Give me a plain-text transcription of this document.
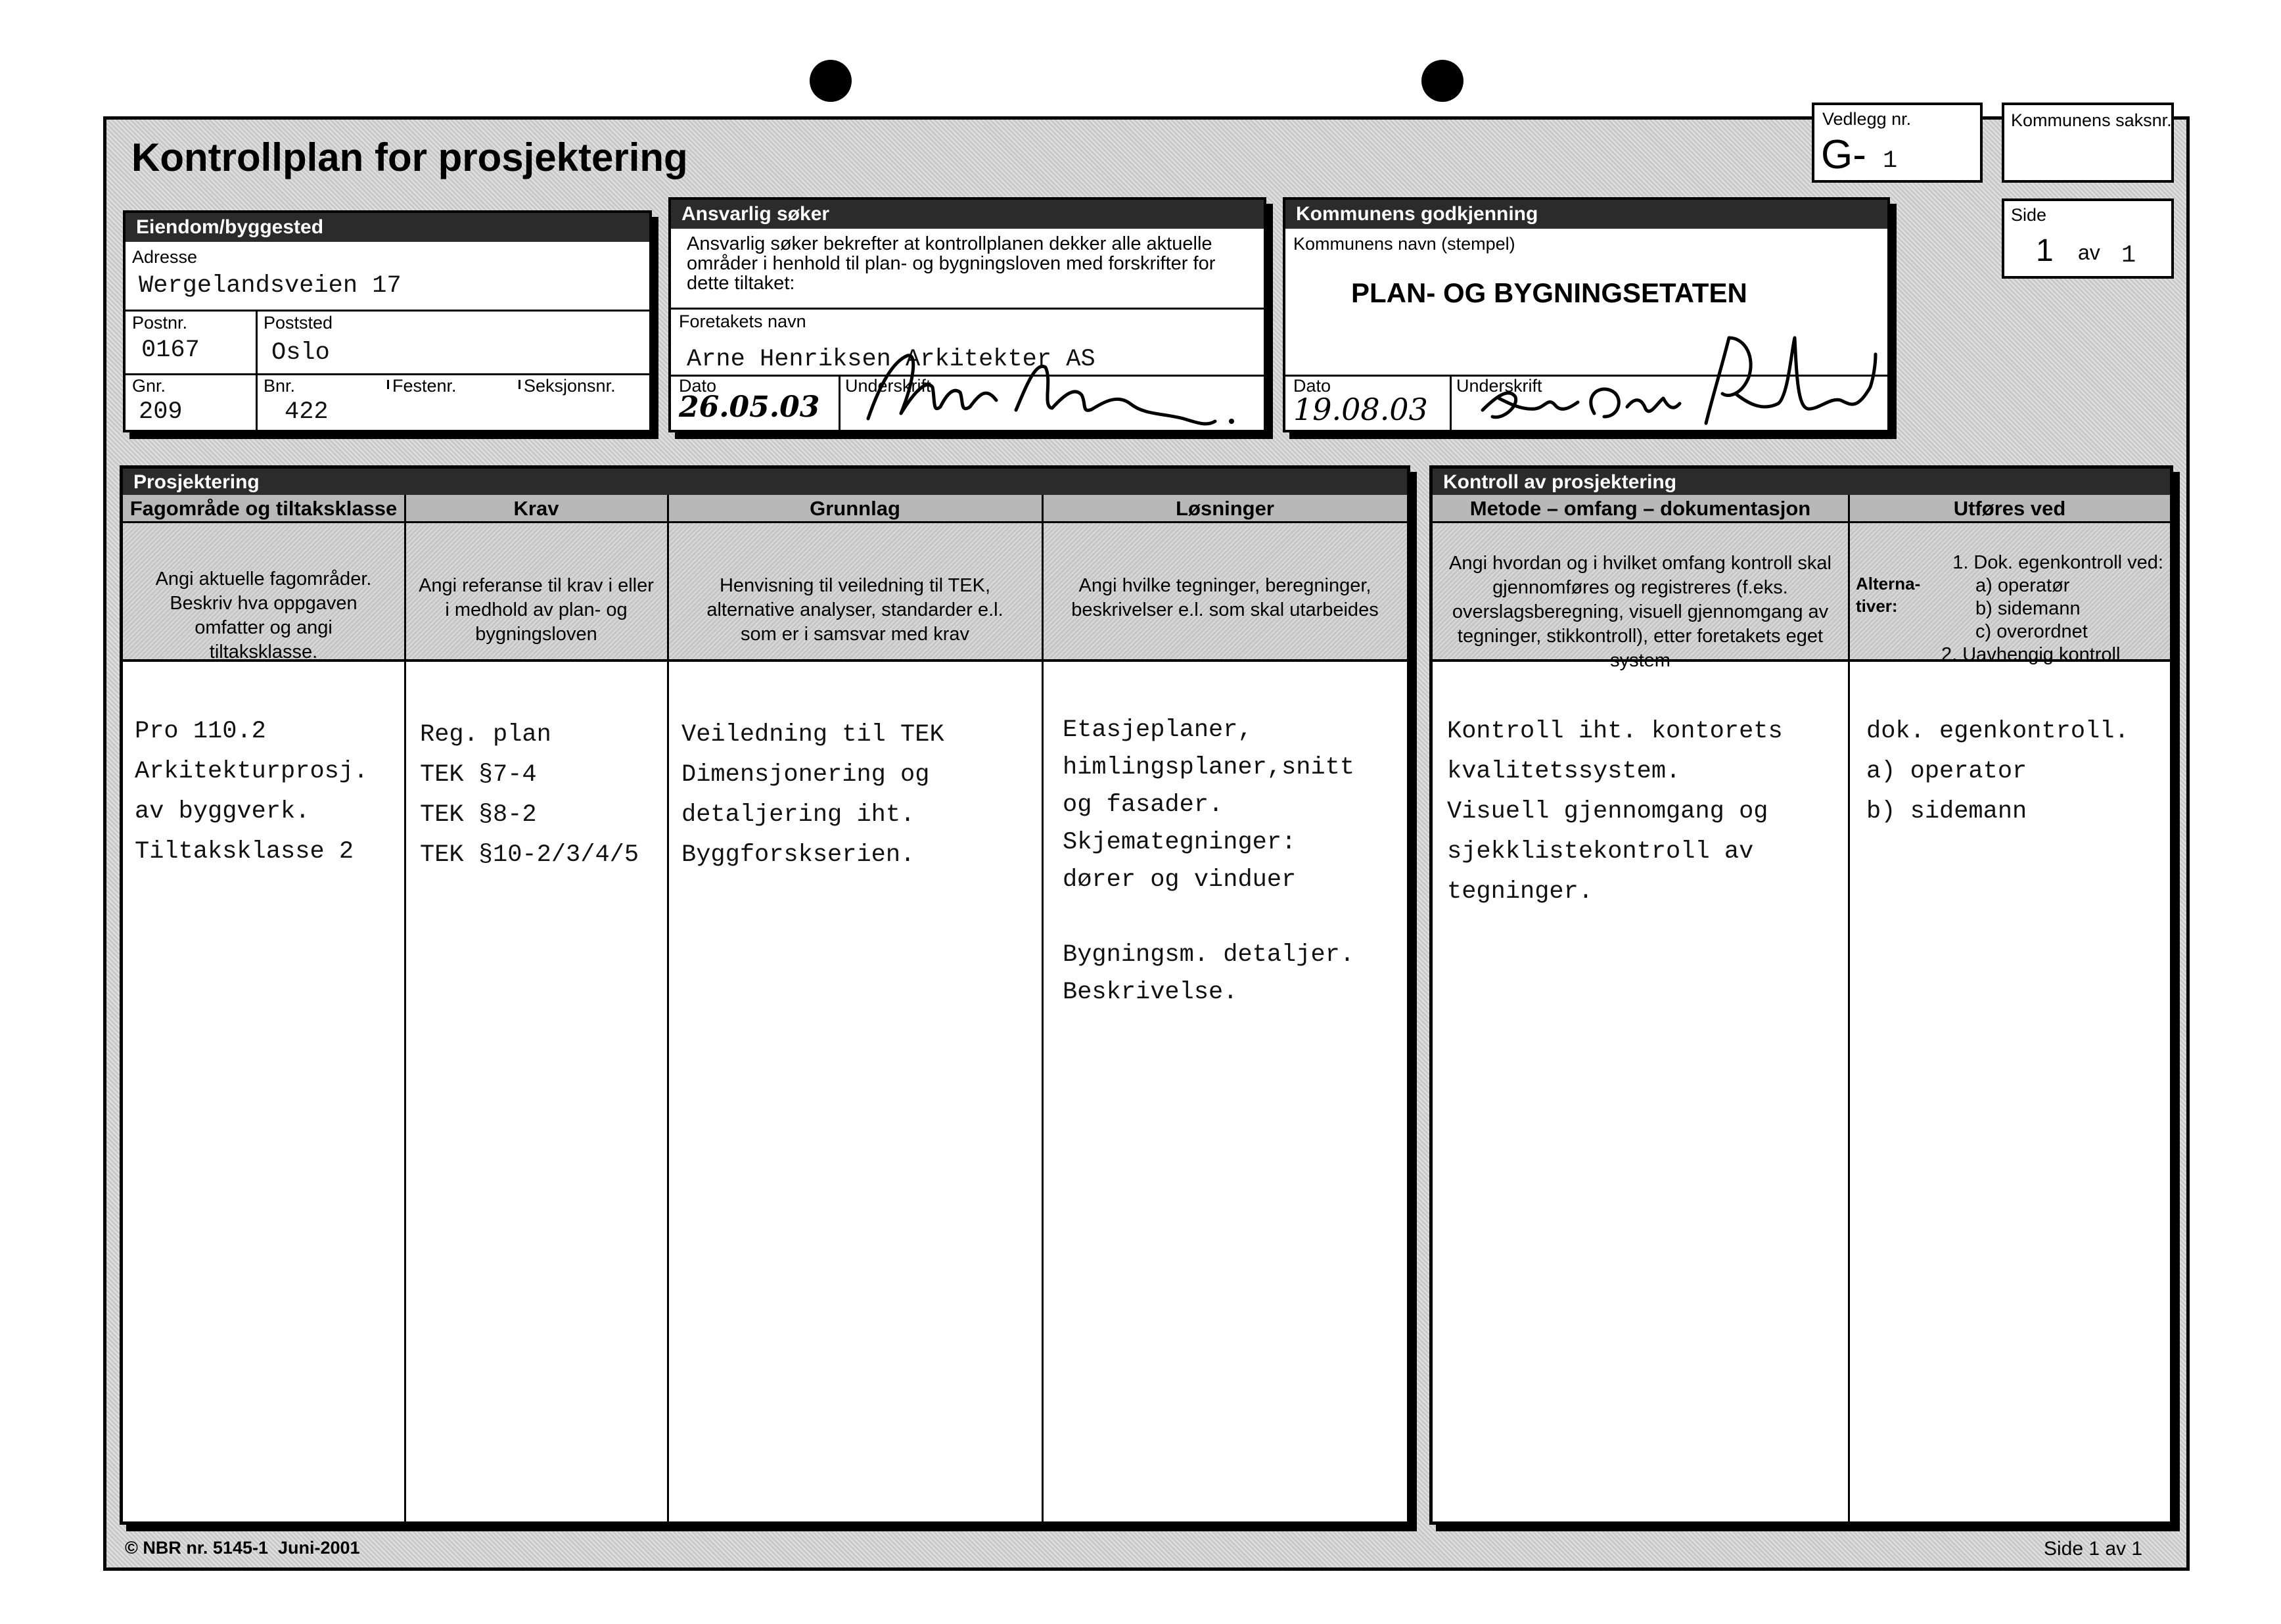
Kontrollplan for prosjektering
Vedlegg nr.
G- 1
Kommunens saksnr.
Side
1 av 1
Eiendom/byggested
Adresse
Wergelandsveien 17
Postnr.
0167
Poststed
Oslo
Gnr.
209
Bnr.
422
Festenr.	Seksjonsnr.
Ansvarlig søker
Ansvarlig søker bekrefter at kontrollplanen dekker alle aktuelle områder i henhold til plan- og bygningsloven med forskrifter for dette tiltaket:
Foretakets navn
Arne Henriksen Arkitekter AS
Dato
26.05.03
Underskrift
Kommunens godkjenning
Kommunens navn (stempel)
PLAN- OG BYGNINGSETATEN
Dato
19.08.03
Underskrift
Prosjektering
Fagområde og tiltaksklasse
Angi aktuelle fagområder. Beskriv hva oppgaven omfatter og angi tiltaksklasse.
Pro 110.2
Arkitekturprosj.
av byggverk.
Tiltaksklasse 2
Krav
Angi referanse til krav i eller i medhold av plan- og bygningsloven
Reg. plan
TEK §7-4
TEK §8-2
TEK §10-2/3/4/5
Grunnlag
Henvisning til veiledning til TEK, alternative analyser, standarder e.l. som er i samsvar med krav
Veiledning til TEK
Dimensjonering og
detaljering iht.
Byggforskserien.
Løsninger
Angi hvilke tegninger, beregninger, beskrivelser e.l. som skal utarbeides
Etasjeplaner,
himlingsplaner,snitt
og fasader.
Skjemategninger:
dører og vinduer

Bygningsm. detaljer.
Beskrivelse.
Kontroll av prosjektering
Metode – omfang – dokumentasjon
Angi hvordan og i hvilket omfang kontroll skal gjennomføres og registreres (f.eks. overslagsberegning, visuell gjennomgang av tegninger, stikkontroll), etter foretakets eget system
Kontroll iht. kontorets
kvalitetssystem.
Visuell gjennomgang og
sjekklistekontroll av
tegninger.
Utføres ved
Alterna-
tiver:
1. Dok. egenkontroll ved:
a) operatør
b) sidemann
c) overordnet
2. Uavhengig kontroll
dok. egenkontroll.
a) operator
b) sidemann
© NBR nr. 5145-1  Juni-2001	Side 1 av 1
